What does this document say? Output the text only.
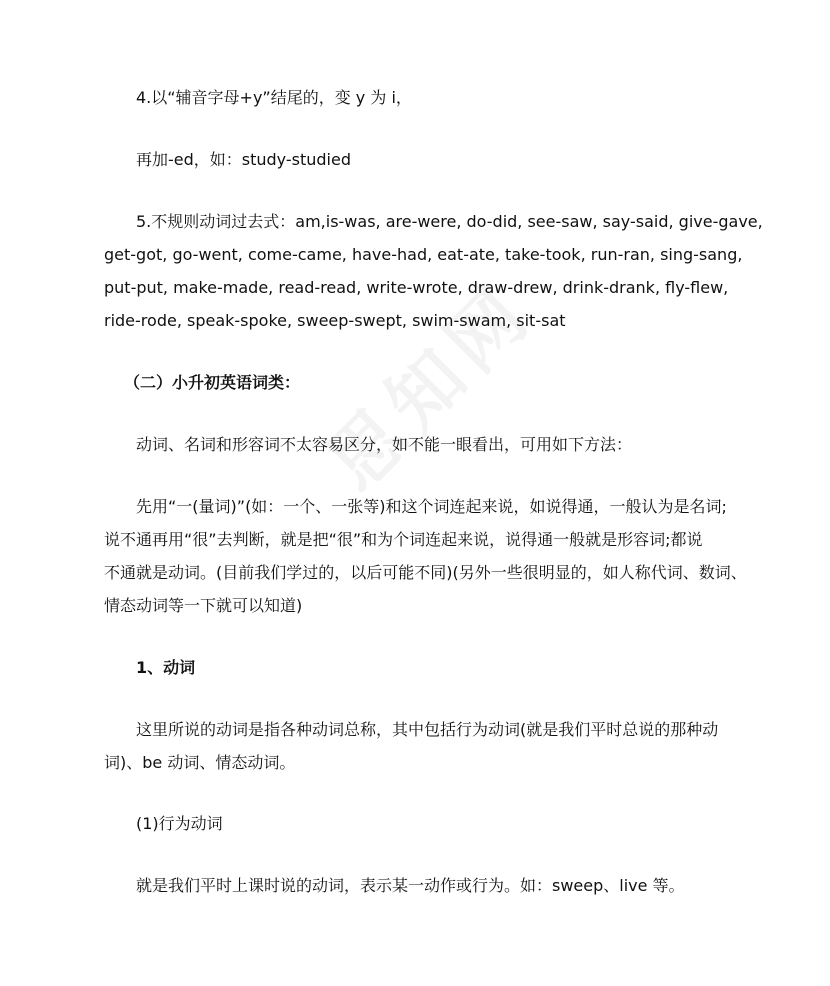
4.以“辅音字母+y”结尾的，变 y 为 i，

再加-ed，如：study-studied

5.不规则动词过去式：am,is-was, are-were, do-did, see-saw, say-said, give-gave,

get-got, go-went, come-came, have-had, eat-ate, take-took, run-ran, sing-sang,

put-put, make-made, read-read, write-wrote, draw-drew, drink-drank, fly-flew,

ride-rode, speak-spoke, sweep-swept, swim-swam, sit-sat

（二）小升初英语词类：

动词、名词和形容词不太容易区分，如不能一眼看出，可用如下方法：

先用“一(量词)”(如：一个、一张等)和这个词连起来说，如说得通，一般认为是名词;

说不通再用“很”去判断，就是把“很”和为个词连起来说，说得通一般就是形容词;都说

不通就是动词。(目前我们学过的，以后可能不同)(另外一些很明显的，如人称代词、数词、

情态动词等一下就可以知道)

1、动词

这里所说的动词是指各种动词总称，其中包括行为动词(就是我们平时总说的那种动

词)、be 动词、情态动词。

(1)行为动词

就是我们平时上课时说的动词，表示某一动作或行为。如：sweep、live 等。
